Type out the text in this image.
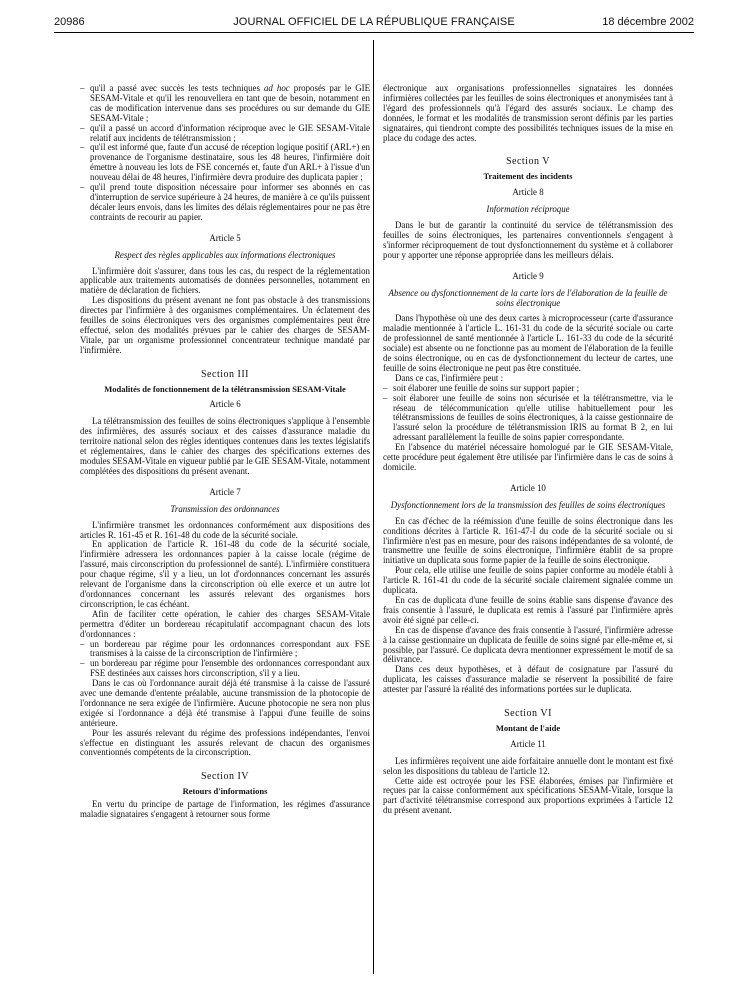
20986	JOURNAL OFFICIEL DE LA RÉPUBLIQUE FRANÇAISE	18 décembre 2002
– qu'il a passé avec succès les tests techniques ad hoc proposés par le GIE SESAM-Vitale et qu'il les renouvellera en tant que de besoin, notamment en cas de modification intervenue dans ses procédures ou sur demande du GIE SESAM-Vitale ;
– qu'il a passé un accord d'information réciproque avec le GIE SESAM-Vitale relatif aux incidents de télétransmission ;
– qu'il est informé que, faute d'un accusé de réception logique positif (ARL+) en provenance de l'organisme destinataire, sous les 48 heures, l'infirmière doit émettre à nouveau les lots de FSE concernés et, faute d'un ARL+ à l'issue d'un nouveau délai de 48 heures, l'infirmière devra produire des duplicata papier ;
– qu'il prend toute disposition nécessaire pour informer ses abonnés en cas d'interruption de service supérieure à 24 heures, de manière à ce qu'ils puissent décaler leurs envois, dans les limites des délais réglementaires pour ne pas être contraints de recourir au papier.
Article 5
Respect des règles applicables aux informations électroniques

L'infirmière doit s'assurer, dans tous les cas, du respect de la réglementation applicable aux traitements automatisés de données personnelles, notamment en matière de déclaration de fichiers.

Les dispositions du présent avenant ne font pas obstacle à des transmissions directes par l'infirmière à des organismes complémentaires. Un éclatement des feuilles de soins électroniques vers des organismes complémentaires peut être effectué, selon des modalités prévues par le cahier des charges de SESAM-Vitale, par un organisme professionnel concentrateur technique mandaté par l'infirmière.

Section III
Modalités de fonctionnement de la télétransmission SESAM-Vitale
Article 6

La télétransmission des feuilles de soins électroniques s'applique à l'ensemble des infirmières, des assurés sociaux et des caisses d'assurance maladie du territoire national selon des règles identiques contenues dans les textes législatifs et réglementaires, dans le cahier des charges des spécifications externes des modules SESAM-Vitale en vigueur publié par le GIE SESAM-Vitale, notamment complétées des dispositions du présent avenant.

Article 7
Transmission des ordonnances

L'infirmière transmet les ordonnances conformément aux dispositions des articles R. 161-45 et R. 161-48 du code de la sécurité sociale.

En application de l'article R. 161-48 du code de la sécurité sociale, l'infirmière adressera les ordonnances papier à la caisse locale (régime de l'assuré, mais circonscription du professionnel de santé). L'infirmière constituera pour chaque régime, s'il y a lieu, un lot d'ordonnances concernant les assurés relevant de l'organisme dans la circonscription où elle exerce et un autre lot d'ordonnances concernant les assurés relevant des organismes hors circonscription, le cas échéant.

Afin de faciliter cette opération, le cahier des charges SESAM-Vitale permettra d'éditer un bordereau récapitulatif accompagnant chacun des lots d'ordonnances :

– un bordereau par régime pour les ordonnances correspondant aux FSE transmises à la caisse de la circonscription de l'infirmière ;
– un bordereau par régime pour l'ensemble des ordonnances correspondant aux FSE destinées aux caisses hors circonscription, s'il y a lieu.

Dans le cas où l'ordonnance aurait déjà été transmise à la caisse de l'assuré avec une demande d'entente préalable, aucune transmission de la photocopie de l'ordonnance ne sera exigée de l'infirmière. Aucune photocopie ne sera non plus exigée si l'ordonnance a déjà été transmise à l'appui d'une feuille de soins antérieure.

Pour les assurés relevant du régime des professions indépendantes, l'envoi s'effectue en distinguant les assurés relevant de chacun des organismes conventionnés compétents de la circonscription.

Section IV
Retours d'informations

En vertu du principe de partage de l'information, les régimes d'assurance maladie signataires s'engagent à retourner sous forme

électronique aux organisations professionnelles signataires les données infirmières collectées par les feuilles de soins électroniques et anonymisées tant à l'égard des professionnels qu'à l'égard des assurés sociaux. Le champ des données, le format et les modalités de transmission seront définis par les parties signataires, qui tiendront compte des possibilités techniques issues de la mise en place du codage des actes.

Section V
Traitement des incidents
Article 8
Information réciproque

Dans le but de garantir la continuité du service de télétransmission des feuilles de soins électroniques, les partenaires conventionnels s'engagent à s'informer réciproquement de tout dysfonctionnement du système et à collaborer pour y apporter une réponse appropriée dans les meilleurs délais.

Article 9
Absence ou dysfonctionnement de la carte lors de l'élaboration de la feuille de soins électronique

Dans l'hypothèse où une des deux cartes à microprocesseur (carte d'assurance maladie mentionnée à l'article L. 161-31 du code de la sécurité sociale ou carte de professionnel de santé mentionnée à l'article L. 161-33 du code de la sécurité sociale) est absente ou ne fonctionne pas au moment de l'élaboration de la feuille de soins électronique, ou en cas de dysfonctionnement du lecteur de cartes, une feuille de soins électronique ne peut pas être constituée.

Dans ce cas, l'infirmière peut :

– soit élaborer une feuille de soins sur support papier ;
– soit élaborer une feuille de soins non sécurisée et la télétransmettre, via le réseau de télécommunication qu'elle utilise habituellement pour les télétransmissions de feuilles de soins électroniques, à la caisse gestionnaire de l'assuré selon la procédure de télétransmission IRIS au format B 2, en lui adressant parallèlement la feuille de soins papier correspondante.

En l'absence du matériel nécessaire homologué par le GIE SESAM-Vitale, cette procédure peut également être utilisée par l'infirmière dans le cas de soins à domicile.

Article 10
Dysfonctionnement lors de la transmission des feuilles de soins électroniques

En cas d'échec de la réémission d'une feuille de soins électronique dans les conditions décrites à l'article R. 161-47-I du code de la sécurité sociale ou si l'infirmière n'est pas en mesure, pour des raisons indépendantes de sa volonté, de transmettre une feuille de soins électronique, l'infirmière établit de sa propre initiative un duplicata sous forme papier de la feuille de soins électronique.

Pour cela, elle utilise une feuille de soins papier conforme au modèle établi à l'article R. 161-41 du code de la sécurité sociale clairement signalée comme un duplicata.

En cas de duplicata d'une feuille de soins établie sans dispense d'avance des frais consentie à l'assuré, le duplicata est remis à l'assuré par l'infirmière après avoir été signé par celle-ci.

En cas de dispense d'avance des frais consentie à l'assuré, l'infirmière adresse à la caisse gestionnaire un duplicata de feuille de soins signé par elle-même et, si possible, par l'assuré. Ce duplicata devra mentionner expressément le motif de sa délivrance.

Dans ces deux hypothèses, et à défaut de cosignature par l'assuré du duplicata, les caisses d'assurance maladie se réservent la possibilité de faire attester par l'assuré la réalité des informations portées sur le duplicata.

Section VI
Montant de l'aide
Article 11

Les infirmières reçoivent une aide forfaitaire annuelle dont le montant est fixé selon les dispositions du tableau de l'article 12.

Cette aide est octroyée pour les FSE élaborées, émises par l'infirmière et reçues par la caisse conformément aux spécifications SESAM-Vitale, lorsque la part d'activité télétransmise correspond aux proportions exprimées à l'article 12 du présent avenant.
